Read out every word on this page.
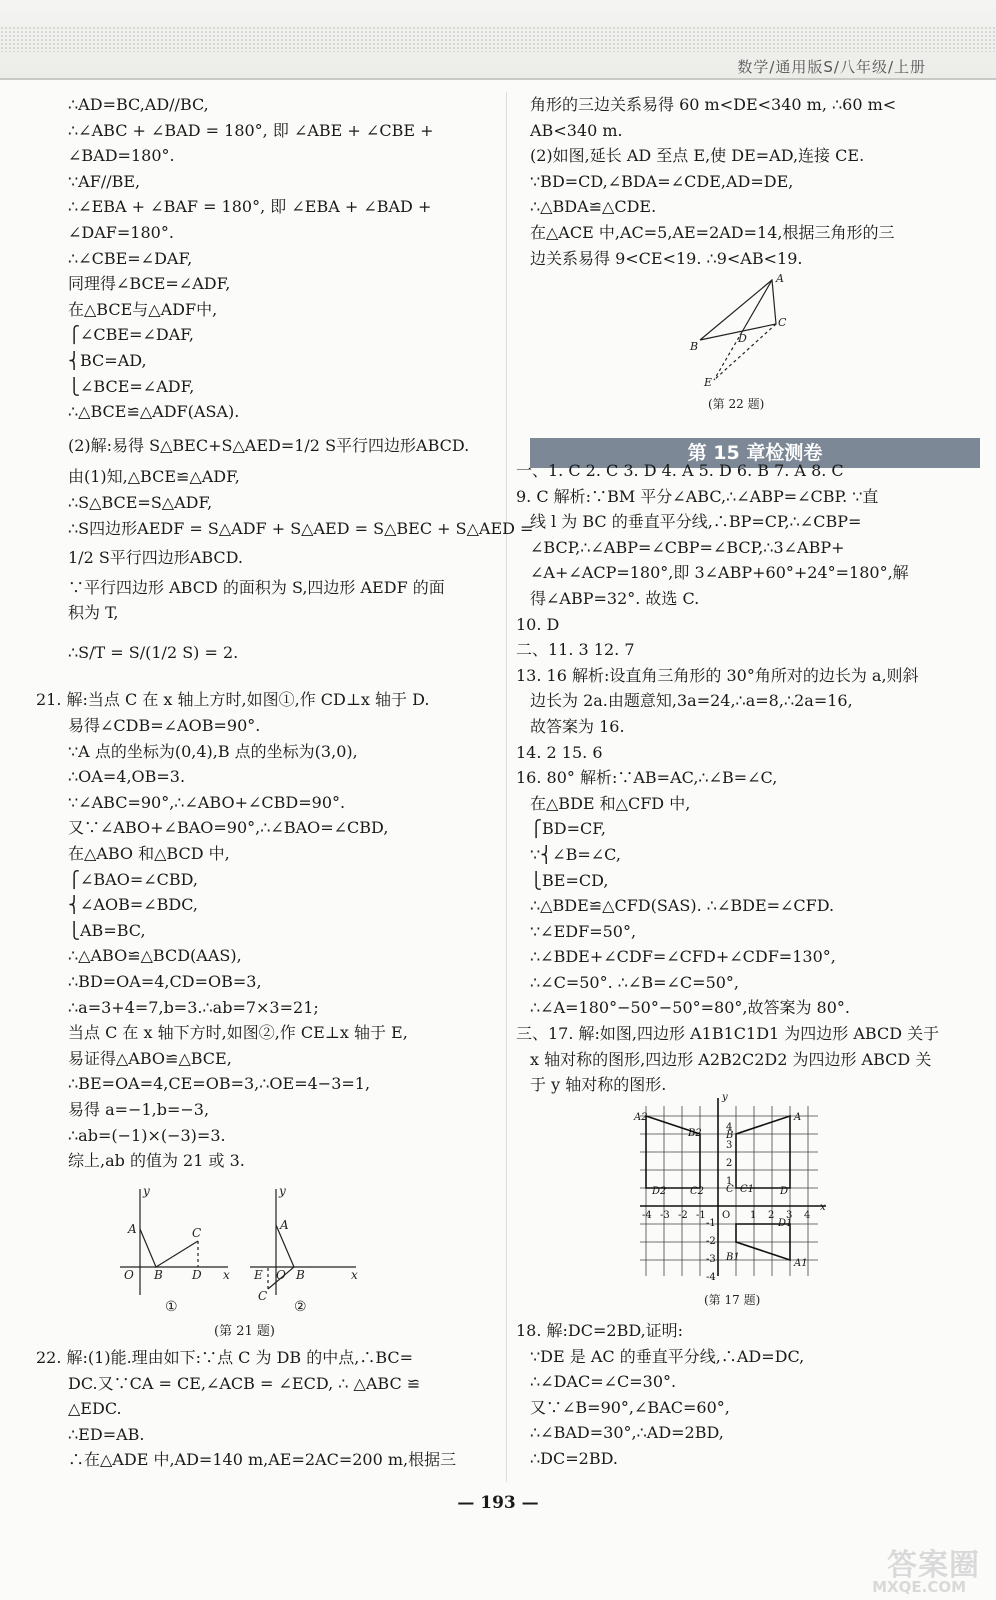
数学/通用版S/八年级/上册
∴AD=BC,AD//BC,
∴∠ABC + ∠BAD = 180°, 即 ∠ABE + ∠CBE +
∠BAD=180°.
∵AF//BE,
∴∠EBA + ∠BAF = 180°, 即 ∠EBA + ∠BAD +
∠DAF=180°.
∴∠CBE=∠DAF,
同理得∠BCE=∠ADF,
在△BCE与△ADF中,
⎧∠CBE=∠DAF,
⎨BC=AD,
⎩∠BCE=∠ADF,
∴△BCE≌△ADF(ASA).
(2)解:易得 S△BEC+S△AED=1/2 S平行四边形ABCD.
由(1)知,△BCE≌△ADF,
∴S△BCE=S△ADF,
∴S四边形AEDF = S△ADF + S△AED = S△BEC + S△AED =
1/2 S平行四边形ABCD.
∵平行四边形 ABCD 的面积为 S,四边形 AEDF 的面
积为 T,
∴S/T = S/(1/2 S) = 2.
21. 解:当点 C 在 x 轴上方时,如图①,作 CD⊥x 轴于 D.
易得∠CDB=∠AOB=90°.
∵A 点的坐标为(0,4),B 点的坐标为(3,0),
∴OA=4,OB=3.
∵∠ABC=90°,∴∠ABO+∠CBD=90°.
又∵∠ABO+∠BAO=90°,∴∠BAO=∠CBD,
在△ABO 和△BCD 中,
⎧∠BAO=∠CBD,
⎨∠AOB=∠BDC,
⎩AB=BC,
∴△ABO≌△BCD(AAS),
∴BD=OA=4,CD=OB=3,
∴a=3+4=7,b=3.∴ab=7×3=21;
当点 C 在 x 轴下方时,如图②,作 CE⊥x 轴于 E,
易证得△ABO≌△BCE,
∴BE=OA=4,CE=OB=3,∴OE=4−3=1,
易得 a=−1,b=−3,
∴ab=(−1)×(−3)=3.
综上,ab 的值为 21 或 3.
y
A
O B
C
D x
y
A
E O B
C
x
①	②
(第 21 题)
22. 解:(1)能.理由如下:∵点 C 为 DB 的中点,∴BC=
DC.又∵CA = CE,∠ACB = ∠ECD, ∴ △ABC ≌
△EDC.
∴ED=AB.
∴在△ADE 中,AD=140 m,AE=2AC=200 m,根据三
角形的三边关系易得 60 m<DE<340 m, ∴60 m<
AB<340 m.
(2)如图,延长 AD 至点 E,使 DE=AD,连接 CE.
∵BD=CD,∠BDA=∠CDE,AD=DE,
∴△BDA≌△CDE.
在△ACE 中,AC=5,AE=2AD=14,根据三角形的三
边关系易得 9<CE<19. ∴9<AB<19.
A
C
D
B
E
(第 22 题)
第 15 章检测卷
一、1. C 2. C 3. D 4. A 5. D 6. B 7. A 8. C
9. C 解析:∵BM 平分∠ABC,∴∠ABP=∠CBP. ∵直
线 l 为 BC 的垂直平分线,∴BP=CP,∴∠CBP=
∠BCP,∴∠ABP=∠CBP=∠BCP,∴3∠ABP+
∠A+∠ACP=180°,即 3∠ABP+60°+24°=180°,解
得∠ABP=32°. 故选 C.
10. D
二、11. 3 12. 7
13. 16 解析:设直角三角形的 30°角所对的边长为 a,则斜
边长为 2a.由题意知,3a=24,∴a=8,∴2a=16,
故答案为 16.
14. 2 15. 6
16. 80° 解析:∵AB=AC,∴∠B=∠C,
在△BDE 和△CFD 中,
⎧BD=CF,
∵⎨∠B=∠C,
⎩BE=CD,
∴△BDE≌△CFD(SAS). ∴∠BDE=∠CFD.
∵∠EDF=50°,
∴∠BDE+∠CDF=∠CFD+∠CDF=130°,
∴∠C=50°. ∴∠B=∠C=50°,
∴∠A=180°−50°−50°=80°,故答案为 80°.
三、17. 解:如图,四边形 A1B1C1D1 为四边形 ABCD 关于
x 轴对称的图形,四边形 A2B2C2D2 为四边形 ABCD 关
于 y 轴对称的图形.
y
x
A
B
C	D
A2
B2
C2
D2
A1
B1
C1
D1
O
4
3
2
1
-1
-2
-3
-4
-4 -3 -2 -1	1 2 3 4
(第 17 题)
18. 解:DC=2BD,证明:
∵DE 是 AC 的垂直平分线,∴AD=DC,
∴∠DAC=∠C=30°.
又∵∠B=90°,∠BAC=60°,
∴∠BAD=30°,∴AD=2BD,
∴DC=2BD.
— 193 —
答案圈
MXQE.COM
